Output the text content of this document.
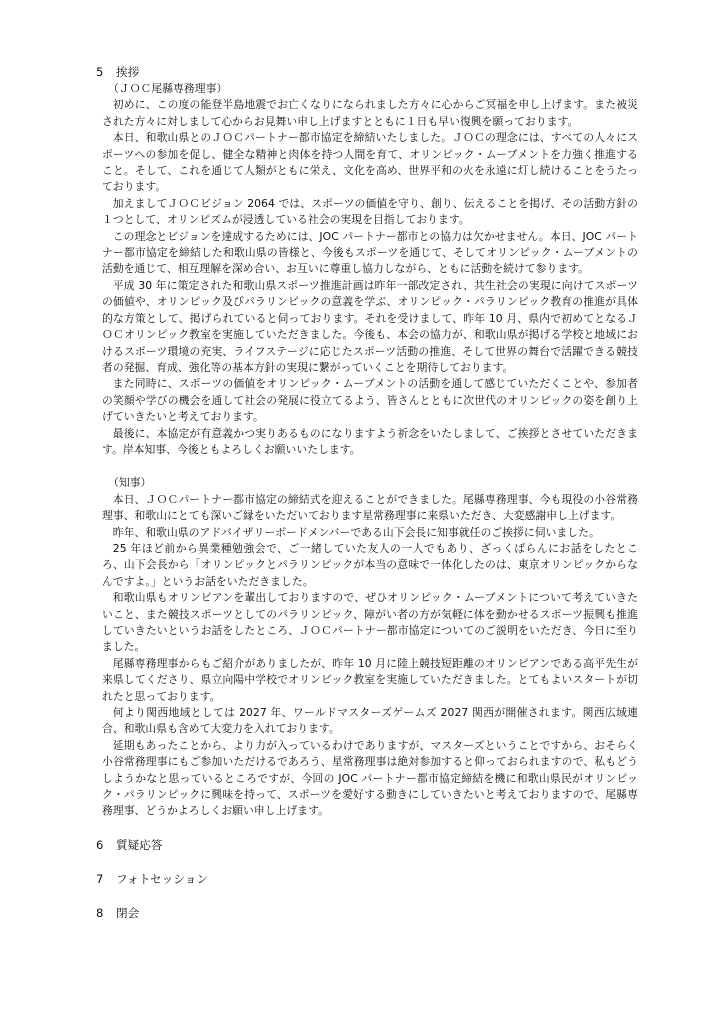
5 挨拶
（ＪＯＣ尾縣専務理事）

初めに、この度の能登半島地震でお亡くなりになられました方々に心からご冥福を申し上げます。また被災された方々に対しまして心からお見舞い申し上げますとともに１日も早い復興を願っております。

本日、和歌山県とのＪＯＣパートナー都市協定を締結いたしました。ＪＯＣの理念には、すべての人々にスポーツへの参加を促し、健全な精神と肉体を持つ人間を育て、オリンピック・ムーブメントを力強く推進すること。そして、これを通じて人類がともに栄え、文化を高め、世界平和の火を永遠に灯し続けることをうたっております。

加えましてＪＯＣビジョン 2064 では、スポーツの価値を守り、創り、伝えることを掲げ、その活動方針の１つとして、オリンピズムが浸透している社会の実現を目指しております。

この理念とビジョンを達成するためには、JOC パートナー都市との協力は欠かせません。本日、JOC パートナー都市協定を締結した和歌山県の皆様と、今後もスポーツを通じて、そしてオリンピック・ムーブメントの活動を通じて、相互理解を深め合い、お互いに尊重し協力しながら、ともに活動を続けて参ります。

平成 30 年に策定された和歌山県スポーツ推進計画は昨年一部改定され、共生社会の実現に向けてスポーツの価値や、オリンピック及びパラリンピックの意義を学ぶ、オリンピック・パラリンピック教育の推進が具体的な方策として、掲げられていると伺っております。それを受けまして、昨年 10 月、県内で初めてとなるＪＯＣオリンピック教室を実施していただきました。今後も、本会の協力が、和歌山県が掲げる学校と地域におけるスポーツ環境の充実、ライフステージに応じたスポーツ活動の推進、そして世界の舞台で活躍できる競技者の発掘、育成、強化等の基本方針の実現に繋がっていくことを期待しております。

また同時に、スポーツの価値をオリンピック・ムーブメントの活動を通して感じていただくことや、参加者の笑顔や学びの機会を通して社会の発展に役立てるよう、皆さんとともに次世代のオリンピックの姿を創り上げていきたいと考えております。

最後に、本協定が有意義かつ実りあるものになりますよう祈念をいたしまして、ご挨拶とさせていただきます。岸本知事、今後ともよろしくお願いいたします。

（知事）

本日、ＪＯＣパートナー都市協定の締結式を迎えることができました。尾縣専務理事、今も現役の小谷常務理事、和歌山にとても深いご縁をいただいております星常務理事に来県いただき、大変感謝申し上げます。

昨年、和歌山県のアドバイザリーボードメンバーである山下会長に知事就任のご挨拶に伺いました。

25 年ほど前から異業種勉強会で、ご一緒していた友人の一人でもあり、ざっくばらんにお話をしたところ、山下会長から「オリンピックとパラリンピックが本当の意味で一体化したのは、東京オリンピックからなんですよ。」というお話をいただきました。

和歌山県もオリンピアンを輩出しておりますので、ぜひオリンピック・ムーブメントについて考えていきたいこと、また競技スポーツとしてのパラリンピック、障がい者の方が気軽に体を動かせるスポーツ振興も推進していきたいというお話をしたところ、ＪＯＣパートナー都市協定についてのご説明をいただき、今日に至りました。

尾縣専務理事からもご紹介がありましたが、昨年 10 月に陸上競技短距離のオリンピアンである高平先生が来県してくださり、県立向陽中学校でオリンピック教室を実施していただきました。とてもよいスタートが切れたと思っております。

何より関西地域としては 2027 年、ワールドマスターズゲームズ 2027 関西が開催されます。関西広域連合、和歌山県も含めて大変力を入れております。

延期もあったことから、より力が入っているわけでありますが、マスターズということですから、おそらく小谷常務理事にもご参加いただけるであろう、星常務理事は絶対参加すると仰っておられますので、私もどうしようかなと思っているところですが、今回の JOC パートナー都市協定締結を機に和歌山県民がオリンピック・パラリンピックに興味を持って、スポーツを愛好する動きにしていきたいと考えておりますので、尾縣専務理事、どうかよろしくお願い申し上げます。

6 質疑応答
7 フォトセッション
8 閉会
